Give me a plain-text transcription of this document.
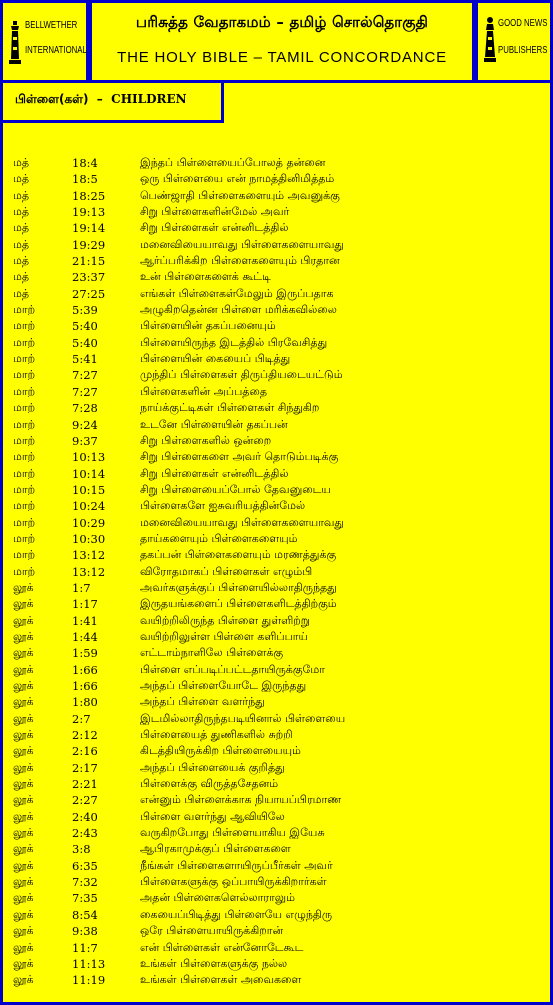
BELLWETHER
INTERNATIONAL
பரிசுத்த வேதாகமம் – தமிழ் சொல்தொகுதி
THE HOLY BIBLE – TAMIL CONCORDANCE
GOOD NEWS
PUBLISHERS
பிள்ளை(கள்) – CHILDREN
மத்	18:4	இந்தப் பிள்ளையைப்போலத் தன்னை
மத்	18:5	ஒரு பிள்ளையை என் நாமத்தினிமித்தம்
மத்	18:25	பெண்ஜாதி பிள்ளைகளையும் அவனுக்கு
மத்	19:13	சிறு பிள்ளைகளின்மேல் அவர்
மத்	19:14	சிறு பிள்ளைகள் என்னிடத்தில்
மத்	19:29	மனைவியையாவது பிள்ளைகளையாவது
மத்	21:15	ஆர்ப்பரிக்கிற பிள்ளைகளையும் பிரதான
மத்	23:37	உன் பிள்ளைகளைக் கூட்டி
மத்	27:25	எங்கள் பிள்ளைகள்மேலும் இருப்பதாக
மாற்	5:39	அழுகிறதென்ன பிள்ளை மரிக்கவில்லை
மாற்	5:40	பிள்ளையின் தகப்பனையும்
மாற்	5:40	பிள்ளையிருந்த இடத்தில் பிரவேசித்து
மாற்	5:41	பிள்ளையின் கையைப் பிடித்து
மாற்	7:27	முந்திப் பிள்ளைகள் திருப்தியடையட்டும்
மாற்	7:27	பிள்ளைகளின் அப்பத்தை
மாற்	7:28	நாய்க்குட்டிகள் பிள்ளைகள் சிந்துகிற
மாற்	9:24	உடனே பிள்ளையின் தகப்பன்
மாற்	9:37	சிறு பிள்ளைகளில் ஒன்றை
மாற்	10:13	சிறு பிள்ளைகளை அவர் தொடும்படிக்கு
மாற்	10:14	சிறு பிள்ளைகள் என்னிடத்தில்
மாற்	10:15	சிறு பிள்ளையைப்போல் தேவனுடைய
மாற்	10:24	பிள்ளைகளே ஐசுவரியத்தின்மேல்
மாற்	10:29	மனைவியையாவது பிள்ளைகளையாவது
மாற்	10:30	தாய்களையும் பிள்ளைகளையும்
மாற்	13:12	தகப்பன் பிள்ளைகளையும் மரணத்துக்கு
மாற்	13:12	விரோதமாகப் பிள்ளைகள் எழும்பி
லூக்	1:7	அவர்களுக்குப் பிள்ளையில்லாதிருந்தது
லூக்	1:17	இருதயங்களைப் பிள்ளைகளிடத்திற்கும்
லூக்	1:41	வயிற்றிலிருந்த பிள்ளை துள்ளிற்று
லூக்	1:44	வயிற்றிலுள்ள பிள்ளை களிப்பாய்
லூக்	1:59	எட்டாம்நாளிலே பிள்ளைக்கு
லூக்	1:66	பிள்ளை எப்படிப்பட்டதாயிருக்குமோ
லூக்	1:66	அந்தப் பிள்ளையோடே இருந்தது
லூக்	1:80	அந்தப் பிள்ளை வளர்ந்து
லூக்	2:7	இடமில்லாதிருந்தபடியினால் பிள்ளையை
லூக்	2:12	பிள்ளையைத் துணிகளில் சுற்றி
லூக்	2:16	கிடத்தியிருக்கிற பிள்ளையையும்
லூக்	2:17	அந்தப் பிள்ளையைக் குறித்து
லூக்	2:21	பிள்ளைக்கு விருத்தசேதனம்
லூக்	2:27	என்னும் பிள்ளைக்காக நியாயப்பிரமாண
லூக்	2:40	பிள்ளை வளர்ந்து ஆவியிலே
லூக்	2:43	வருகிறபோது பிள்ளையாகிய இயேசு
லூக்	3:8	ஆபிரகாமுக்குப் பிள்ளைகளை
லூக்	6:35	நீங்கள் பிள்ளைகளாயிருப்பீர்கள் அவர்
லூக்	7:32	பிள்ளைகளுக்கு ஒப்பாயிருக்கிறார்கள்
லூக்	7:35	அதன் பிள்ளைகளெல்லாராலும்
லூக்	8:54	கையைப்பிடித்து பிள்ளையே எழுந்திரு
லூக்	9:38	ஒரே பிள்ளையாயிருக்கிறான்
லூக்	11:7	என் பிள்ளைகள் என்னோடேகூட
லூக்	11:13	உங்கள் பிள்ளைகளுக்கு நல்ல
லூக்	11:19	உங்கள் பிள்ளைகள் அவைகளை
